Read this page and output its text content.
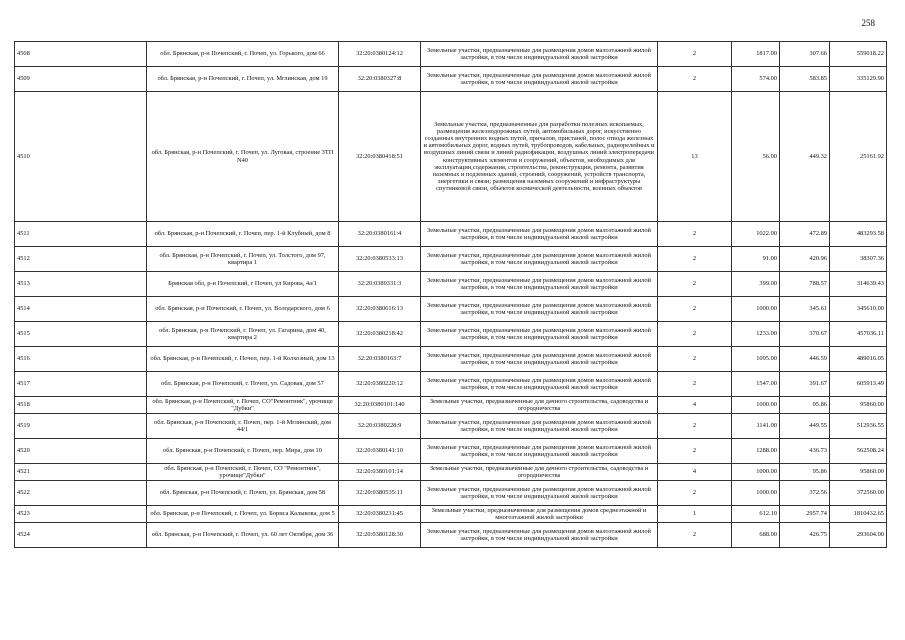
258
4508	обл. Брянская, р-н Почепский, г. Почеп, ул. Горького, дом 66	32:20:0380124:12	Земельные участки, предназначенные для размещения домов малоэтажной жилой застройки, в том числе индивидуальной жилой застройки	2	1817.00	307.66	559018.22
4509	обл. Брянская, р-н Почепский, г. Почеп, ул. Мглинская, дом 19	32:20:0380327:8	Земельные участки, предназначенные для размещения домов малоэтажной жилой застройки, в том числе индивидуальной жилой застройки	2	574.00	583.85	335129.90
4510	обл. Брянская, р-н Почепский, г. Почеп, ул. Луговая, строение ЗТП N40	32:20:0380418:51	Земельные участки, предназначенные для разработки полезных ископаемых, размещения железнодорожных путей, автомобильных дорог, искусственно созданных внутренних водных путей, причалов, пристаней, полос отвода железных и автомобильных дорог, водных путей, трубопроводов, кабельных, радиорелейных и воздушных линий связи и линий радиофикации, воздушных линий электропередачи конструктивных элементов и сооружений, объектов, необходимых для эксплуатации,содержания, строительства, реконструкции, ремонта, развития наземных и подземных зданий, строений, сооружений, устройств транспорта, энергетики и связи; размещения наземных сооружений и инфраструктуры спутниковой связи, объектов космической деятельности, военных объектов	13	56.00	449.32	25161.92
4511	обл. Брянская, р-н Почепский, г. Почеп, пер. 1-й Клубный, дом 8	32:20:0380161:4	Земельные участки, предназначенные для размещения домов малоэтажной жилой застройки, в том числе индивидуальной жилой застройки	2	1022.00	472.89	483293.58
4512	обл. Брянская, р-н Почепский, г. Почеп, ул. Толстого, дом 97, квартира 1	32:20:0380533:13	Земельные участки, предназначенные для размещения домов малоэтажной жилой застройки, в том числе индивидуальной жилой застройки	2	91.00	420.96	38307.36
4513	Брянская обл, р-н Почепский, г Почеп, ул Кирова, 4а/1	32:20:0380331:3	Земельные участки, предназначенные для размещения домов малоэтажной жилой застройки, в том числе индивидуальной жилой застройки	2	399.00	788.57	314639.43
4514	обл. Брянская, р-н Почепский, г. Почеп, ул. Володарского, дом 6	32:20:0380616:13	Земельные участки, предназначенные для размещения домов малоэтажной жилой застройки, в том числе индивидуальной жилой застройки	2	1000.00	345.61	345610.00
4515	обл. Брянская, р-н Почепский, г. Почеп, ул. Гагарина, дом 40, квартира 2	32:20:0380218:42	Земельные участки, предназначенные для размещения домов малоэтажной жилой застройки, в том числе индивидуальной жилой застройки	2	1233.00	370.67	457036.11
4516	обл. Брянская, р-н Почепский, г. Почеп, пер. 1-й Колхозный, дом 13	32:20:0380163:7	Земельные участки, предназначенные для размещения домов малоэтажной жилой застройки, в том числе индивидуальной жилой застройки	2	1095.00	446.59	489016.05
4517	обл. Брянская, р-н Почепский, г. Почеп, ул. Садовая, дом 57	32:20:0380220:12	Земельные участки, предназначенные для размещения домов малоэтажной жилой застройки, в том числе индивидуальной жилой застройки	2	1547.00	391.67	605913.49
4518	обл. Брянская, р-н Почепский, г. Почеп, СО"Ремонтник", урочище "Дубки"	32:20:0380101:140	Земельные участки, предназначенные для дачного строительства, садоводства и огородничества	4	1000.00	95.86	95860.00
4519	обл. Брянская, р-н Почепский, г. Почеп, пер. 1-й Мглинский, дом 44/1	32:20:0380228:9	Земельные участки, предназначенные для размещения домов малоэтажной жилой застройки, в том числе индивидуальной жилой застройки	2	1141.00	449.55	512936.55
4520	обл. Брянская, р-н Почепский, г. Почеп, пер. Мира, дом 10	32:20:0380141:10	Земельные участки, предназначенные для размещения домов малоэтажной жилой застройки, в том числе индивидуальной жилой застройки	2	1288.00	436.73	562508.24
4521	обл. Брянская, р-н Почепский, г. Почеп, СО "Ремонтник", урочище"Дубки"	32:20:0380101:14	Земельные участки, предназначенные для дачного строительства, садоводства и огородничества	4	1000.00	95.86	95860.00
4522	обл. Брянская, р-н Почепский, г. Почеп, ул. Брянская, дом 58	32:20:0380535:11	Земельные участки, предназначенные для размещения домов малоэтажной жилой застройки, в том числе индивидуальной жилой застройки	2	1000.00	372.56	372560.00
4523	обл. Брянская, р-н Почепский, г. Почеп, ул. Бориса Калыкова, дом 5	32:20:0380231:45	Земельные участки, предназначенные для размещения домов среднеэтажной и многоэтажной жилой застройки	1	612.10	2957.74	1810432.65
4524	обл. Брянская, р-н Почепский, г. Почеп, ул. 60 лет Октября, дом 36	32:20:0380128:30	Земельные участки, предназначенные для размещения домов малоэтажной жилой застройки, в том числе индивидуальной жилой застройки	2	688.00	426.75	293604.00
